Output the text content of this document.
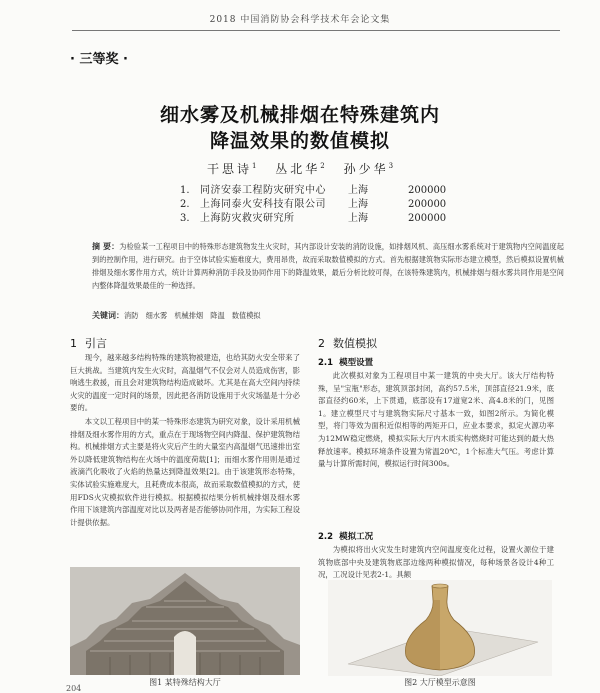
2018 中国消防协会科学技术年会论文集
· 三等奖 ·
细水雾及机械排烟在特殊建筑内
降温效果的数值模拟
干思诗$^1$ 丛北华$^2$ 孙少华$^3$
1. 同济安泰工程防灾研究中心 上海	200000
2. 上海同泰火安科技有限公司 上海	200000
3. 上海防灾救灾研究所	上海	200000
摘 要：为检验某一工程项目中的特殊形态建筑物发生火灾时，其内部设计安装的消防设施，如排烟风机、高压细水雾系统对于建筑物内空间温度起到的控制作用，进行研究。由于空体试验实施难度大，费用昂贵，故而采取数值模拟的方式。首先根据建筑物实际形态建立模型，然后模拟设置机械排烟及细水雾作用方式，统计计算两种消防手段及协同作用下的降温效果，最后分析比较可得，在该特殊建筑内，机械排烟与细水雾共同作用是空间内整体降温效果最佳的一种选择。
关键词：消防　细水雾　机械排烟　降温　数值模拟
1 引言
现今，越来越多结构特殊的建筑物被建造，也给其防火安全带来了巨大挑战。当建筑内发生火灾时，高温烟气不仅会对人员造成伤害，影响逃生救援，而且会对建筑物结构造成破坏。尤其是在高大空间内持续火灾的温度一定时间的场景，因此把各消防设施用于火灾场温是十分必要的。
本文以工程项目中的某一特殊形态建筑为研究对象，设计采用机械排烟及细水雾作用的方式，重点在于现场物空间内降温、保护建筑物结构。机械排烟方式主要是将火灾后产生的大量室内高温烟气迅速排出室外以降低建筑物结构在火场中的温度荷载[1]；而细水雾作用则是通过液滴汽化吸收了火焰的热量达到降温效果[2]。由于该建筑形态特殊，实体试验实施难度大，且耗费成本很高，故而采取数值模拟的方式，使用FDS火灾模拟软件进行模拟。根据模拟结果分析机械排烟及细水雾作用下该建筑内部温度对比以及两者是否能够协同作用，为实际工程设计提供依据。
图1 某特殊结构大厅
2 数值模拟
2.1 模型设置
此次模拟对象为工程项目中某一建筑的中央大厅。该大厅结构特殊，呈"宝瓶"形态，建筑顶部封闭，高约57.5米，顶部直径21.9米，底部直径约60米，上下贯通，底部设有17道宽2米、高4.8米的门，见图1。建立模型尺寸与建筑物实际尺寸基本一致，如图2所示。为简化模型，将门等效为面积近似相等的两矩开口，应业本要求，拟定火源功率为12MW稳定燃烧，模拟实际大厅内木质实构燃烧时可能达到的最大热释放速率。模拟环境条件设置为常温20℃，1个标准大气压。考虑计算量与计算所需时间，模拟运行时间300s。
2.2 模拟工况
为模拟将出火灾发生时建筑内空间温度变化过程，设置火源位于建筑物底部中央及建筑物底部边缘两种模拟情况，每种场景各设计4种工况，工况设计见表2-1。具额
图2 大厅模型示意图
204
